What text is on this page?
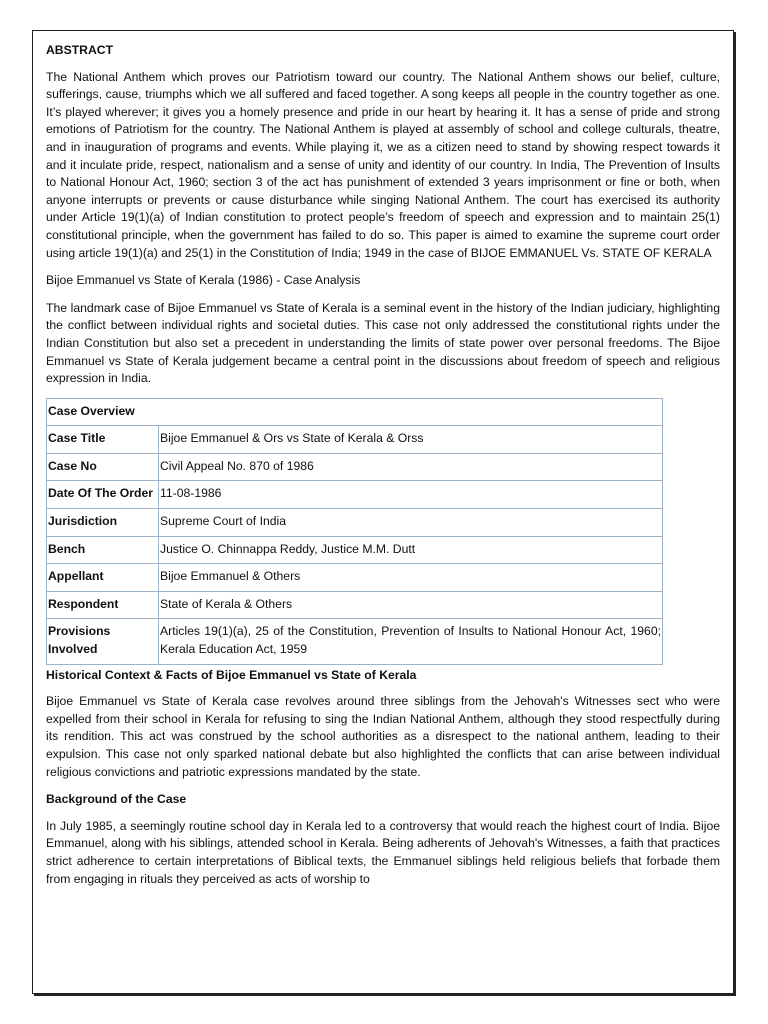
ABSTRACT

The National Anthem which proves our Patriotism toward our country. The National Anthem shows our belief, culture, sufferings, cause, triumphs which we all suffered and faced together. A song keeps all people in the country together as one. It’s played wherever; it gives you a homely presence and pride in our heart by hearing it. It has a sense of pride and strong emotions of Patriotism for the country. The National Anthem is played at assembly of school and college culturals, theatre, and in inauguration of programs and events. While playing it, we as a citizen need to stand by showing respect towards it and it inculate pride, respect, nationalism and a sense of unity and identity of our country. In India, The Prevention of Insults to National Honour Act, 1960; section 3 of the act has punishment of extended 3 years imprisonment or fine or both, when anyone interrupts or prevents or cause disturbance while singing National Anthem. The court has exercised its authority under Article 19(1)(a) of Indian constitution to protect people’s freedom of speech and expression and to maintain 25(1) constitutional principle, when the government has failed to do so. This paper is aimed to examine the supreme court order using article 19(1)(a) and 25(1) in the Constitution of India; 1949 in the case of BIJOE EMMANUEL Vs. STATE OF KERALA

Bijoe Emmanuel vs State of Kerala (1986) - Case Analysis

The landmark case of Bijoe Emmanuel vs State of Kerala is a seminal event in the history of the Indian judiciary, highlighting the conflict between individual rights and societal duties. This case not only addressed the constitutional rights under the Indian Constitution but also set a precedent in understanding the limits of state power over personal freedoms. The Bijoe Emmanuel vs State of Kerala judgement became a central point in the discussions about freedom of speech and religious expression in India.

Case Overview	
Case Title	Bijoe Emmanuel & Ors vs State of Kerala & Orss
Case No	Civil Appeal No. 870 of 1986
Date Of The Order	11-08-1986
Jurisdiction	Supreme Court of India
Bench	Justice O. Chinnappa Reddy, Justice M.M. Dutt
Appellant	Bijoe Emmanuel & Others
Respondent	State of Kerala & Others
Provisions Involved	Articles 19(1)(a), 25 of the Constitution, Prevention of Insults to National Honour Act, 1960; Kerala Education Act, 1959
Historical Context & Facts of Bijoe Emmanuel vs State of Kerala

Bijoe Emmanuel vs State of Kerala case revolves around three siblings from the Jehovah's Witnesses sect who were expelled from their school in Kerala for refusing to sing the Indian National Anthem, although they stood respectfully during its rendition. This act was construed by the school authorities as a disrespect to the national anthem, leading to their expulsion. This case not only sparked national debate but also highlighted the conflicts that can arise between individual religious convictions and patriotic expressions mandated by the state.

Background of the Case

In July 1985, a seemingly routine school day in Kerala led to a controversy that would reach the highest court of India. Bijoe Emmanuel, along with his siblings, attended school in Kerala. Being adherents of Jehovah's Witnesses, a faith that practices strict adherence to certain interpretations of Biblical texts, the Emmanuel siblings held religious beliefs that forbade them from engaging in rituals they perceived as acts of worship to
